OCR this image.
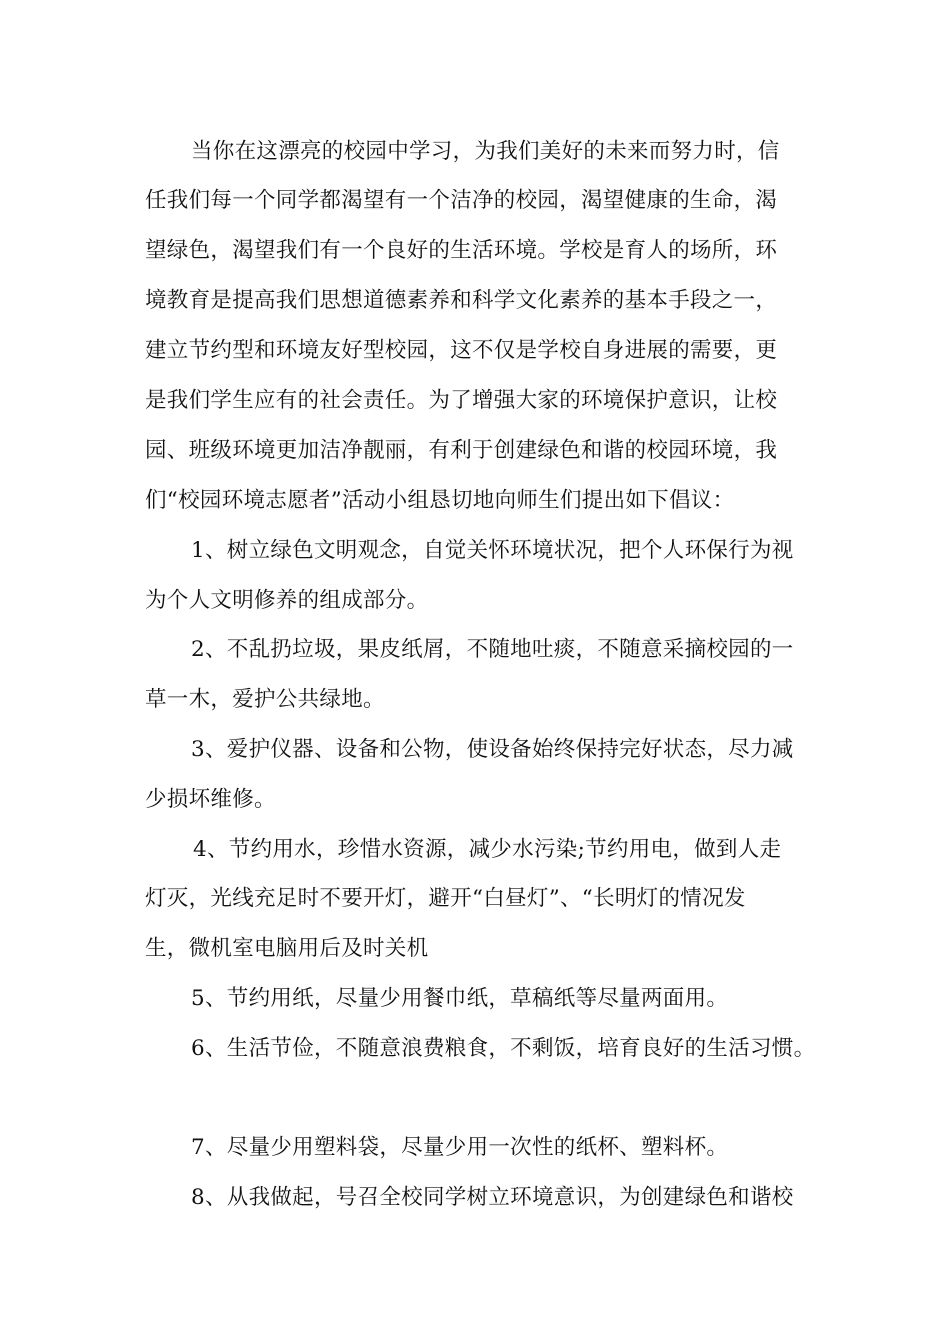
当你在这漂亮的校园中学习，为我们美好的未来而努力时，信
任我们每一个同学都渴望有一个洁净的校园，渴望健康的生命，渴
望绿色，渴望我们有一个良好的生活环境。学校是育人的场所，环
境教育是提高我们思想道德素养和科学文化素养的基本手段之一，
建立节约型和环境友好型校园，这不仅是学校自身进展的需要，更
是我们学生应有的社会责任。为了增强大家的环境保护意识，让校
园、班级环境更加洁净靓丽，有利于创建绿色和谐的校园环境，我
们“校园环境志愿者”活动小组恳切地向师生们提出如下倡议：
1、树立绿色文明观念，自觉关怀环境状况，把个人环保行为视
为个人文明修养的组成部分。
2、不乱扔垃圾，果皮纸屑，不随地吐痰，不随意采摘校园的一
草一木，爱护公共绿地。
3、爱护仪器、设备和公物，使设备始终保持完好状态，尽力减
少损坏维修。
4、节约用水，珍惜水资源，减少水污染;节约用电，做到人走
灯灭，光线充足时不要开灯，避开“白昼灯”、“长明灯的情况发
生，微机室电脑用后及时关机
5、节约用纸，尽量少用餐巾纸，草稿纸等尽量两面用。
6、生活节俭，不随意浪费粮食，不剩饭，培育良好的生活习惯。
7、尽量少用塑料袋，尽量少用一次性的纸杯、塑料杯。
8、从我做起，号召全校同学树立环境意识，为创建绿色和谐校
